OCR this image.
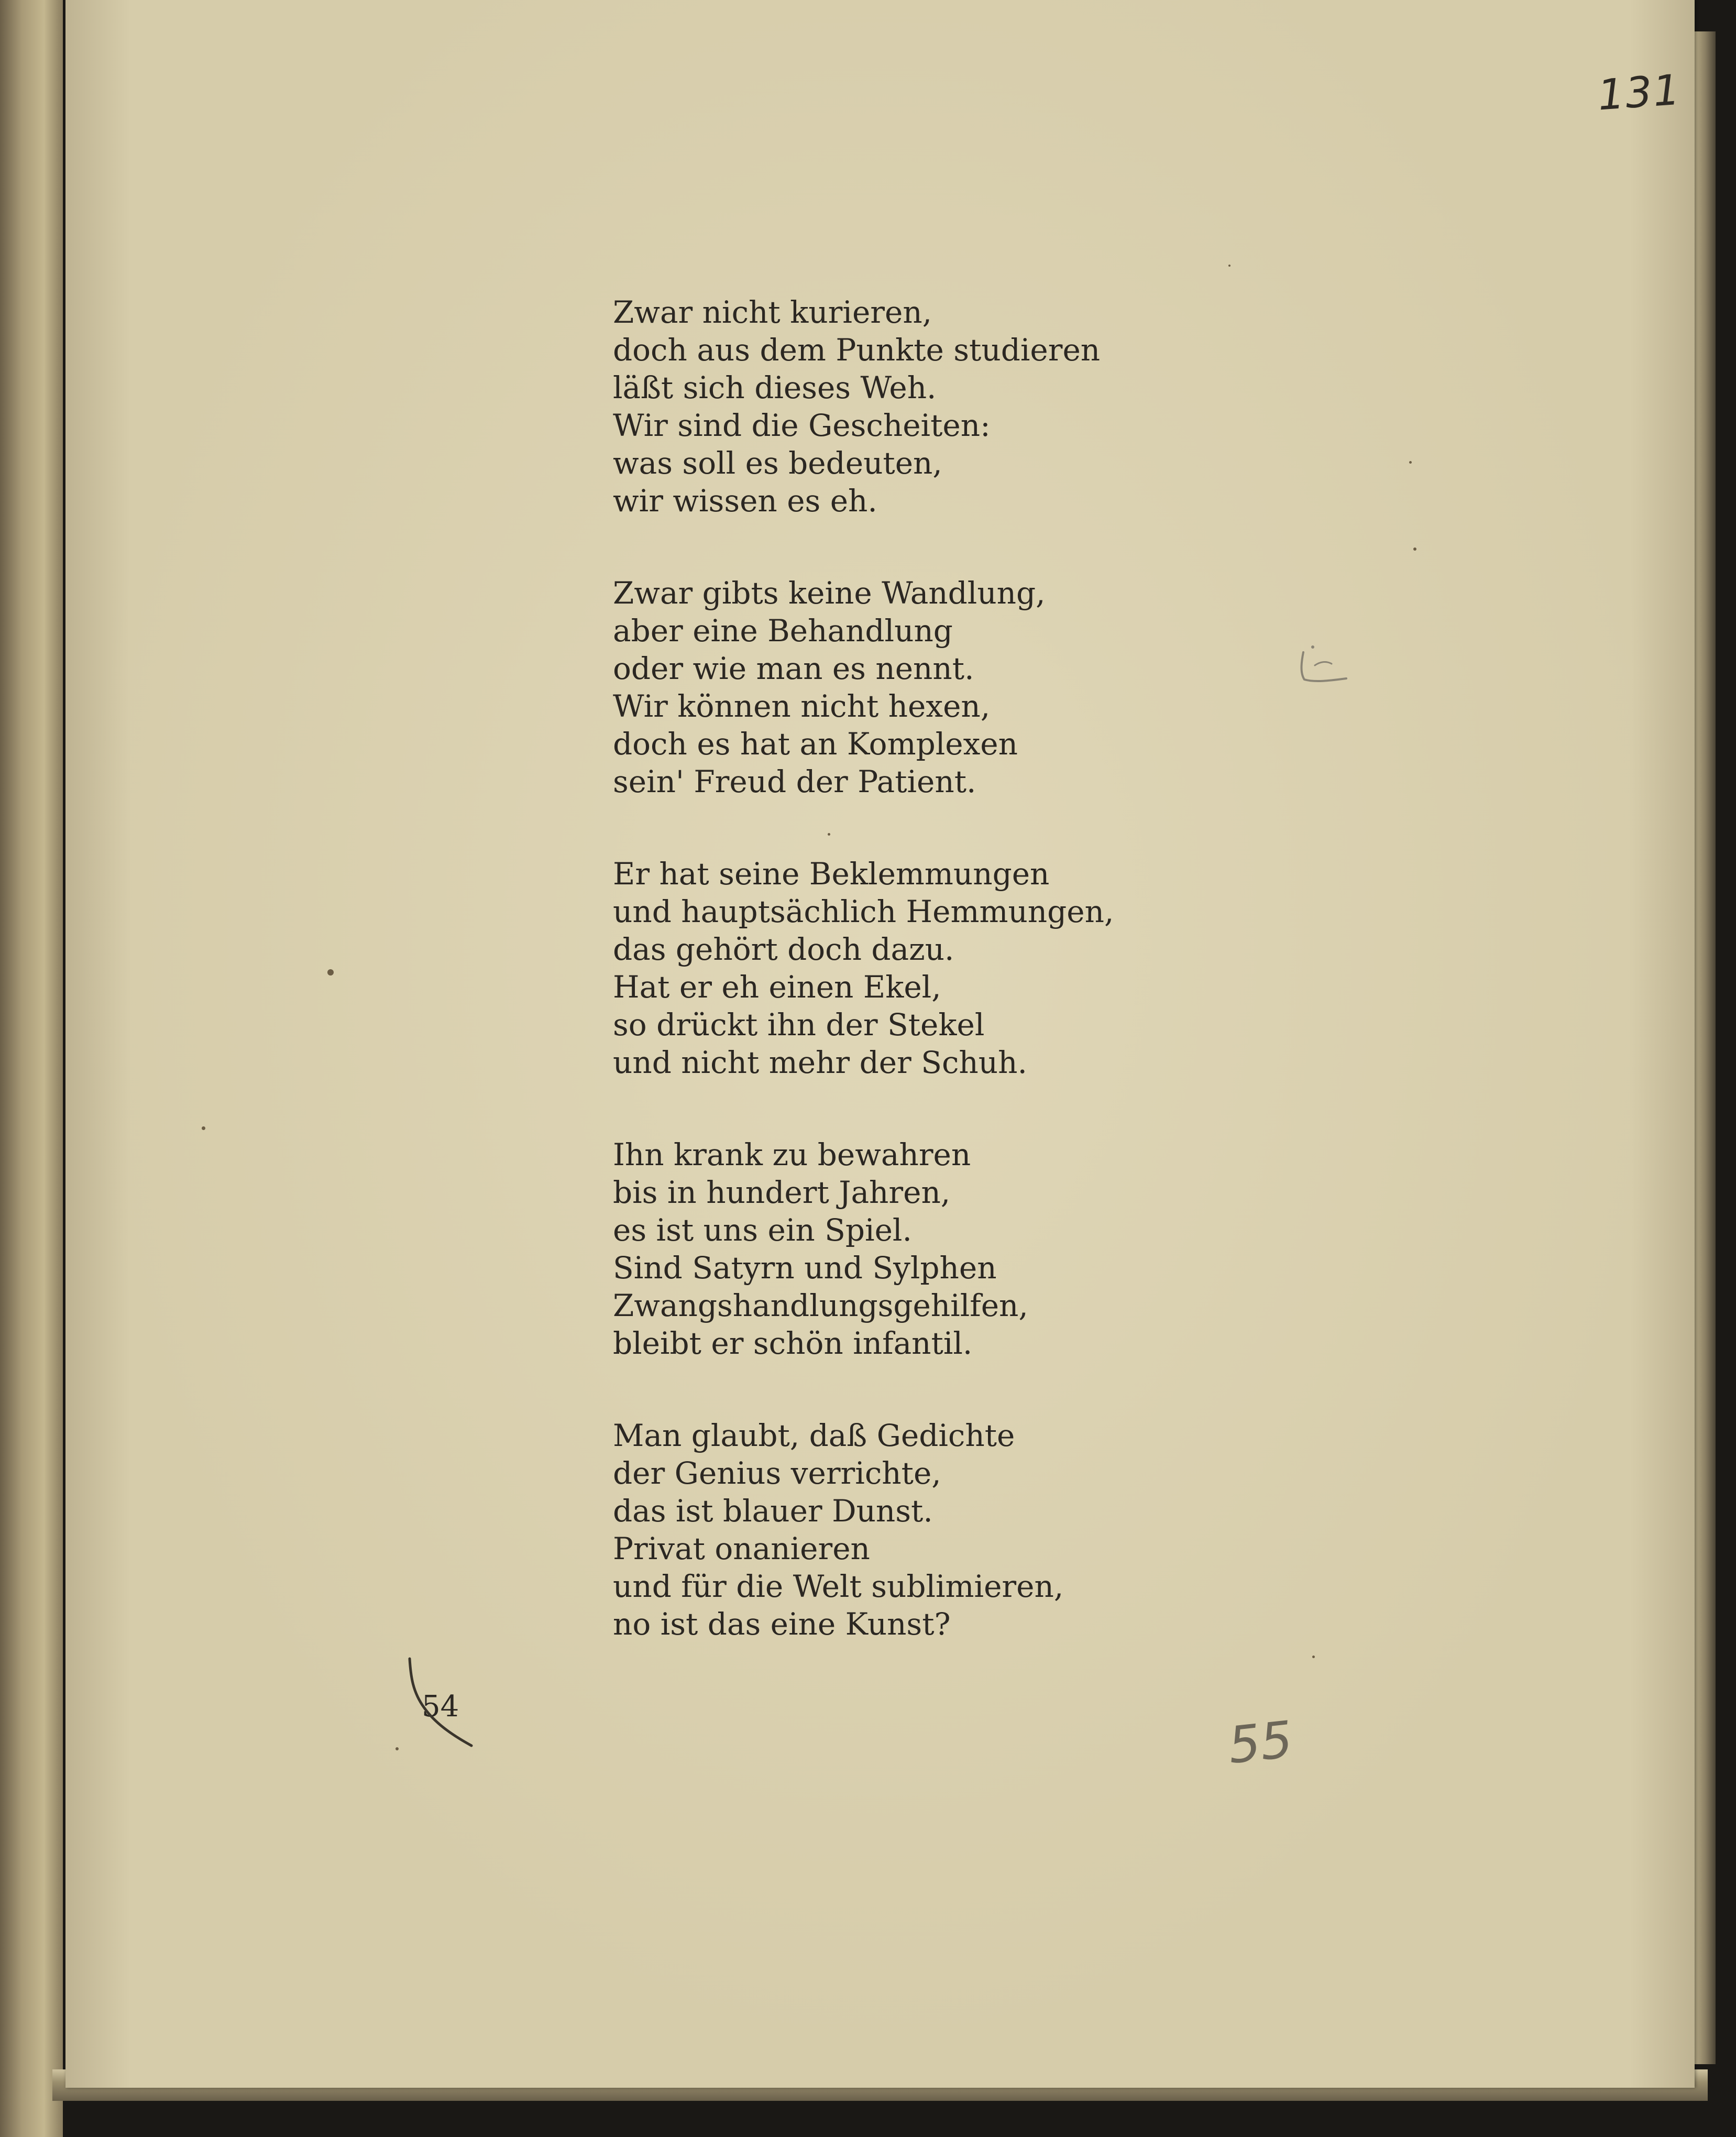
131
Zwar nicht kurieren,
doch aus dem Punkte studieren
läßt sich dieses Weh.
Wir sind die Gescheiten:
was soll es bedeuten,
wir wissen es eh.
Zwar gibts keine Wandlung,
aber eine Behandlung
oder wie man es nennt.
Wir können nicht hexen,
doch es hat an Komplexen
sein' Freud der Patient.
Er hat seine Beklemmungen
und hauptsächlich Hemmungen,
das gehört doch dazu.
Hat er eh einen Ekel,
so drückt ihn der Stekel
und nicht mehr der Schuh.
Ihn krank zu bewahren
bis in hundert Jahren,
es ist uns ein Spiel.
Sind Satyrn und Sylphen
Zwangshandlungsgehilfen,
bleibt er schön infantil.
Man glaubt, daß Gedichte
der Genius verrichte,
das ist blauer Dunst.
Privat onanieren
und für die Welt sublimieren,
no ist das eine Kunst?
54
55
